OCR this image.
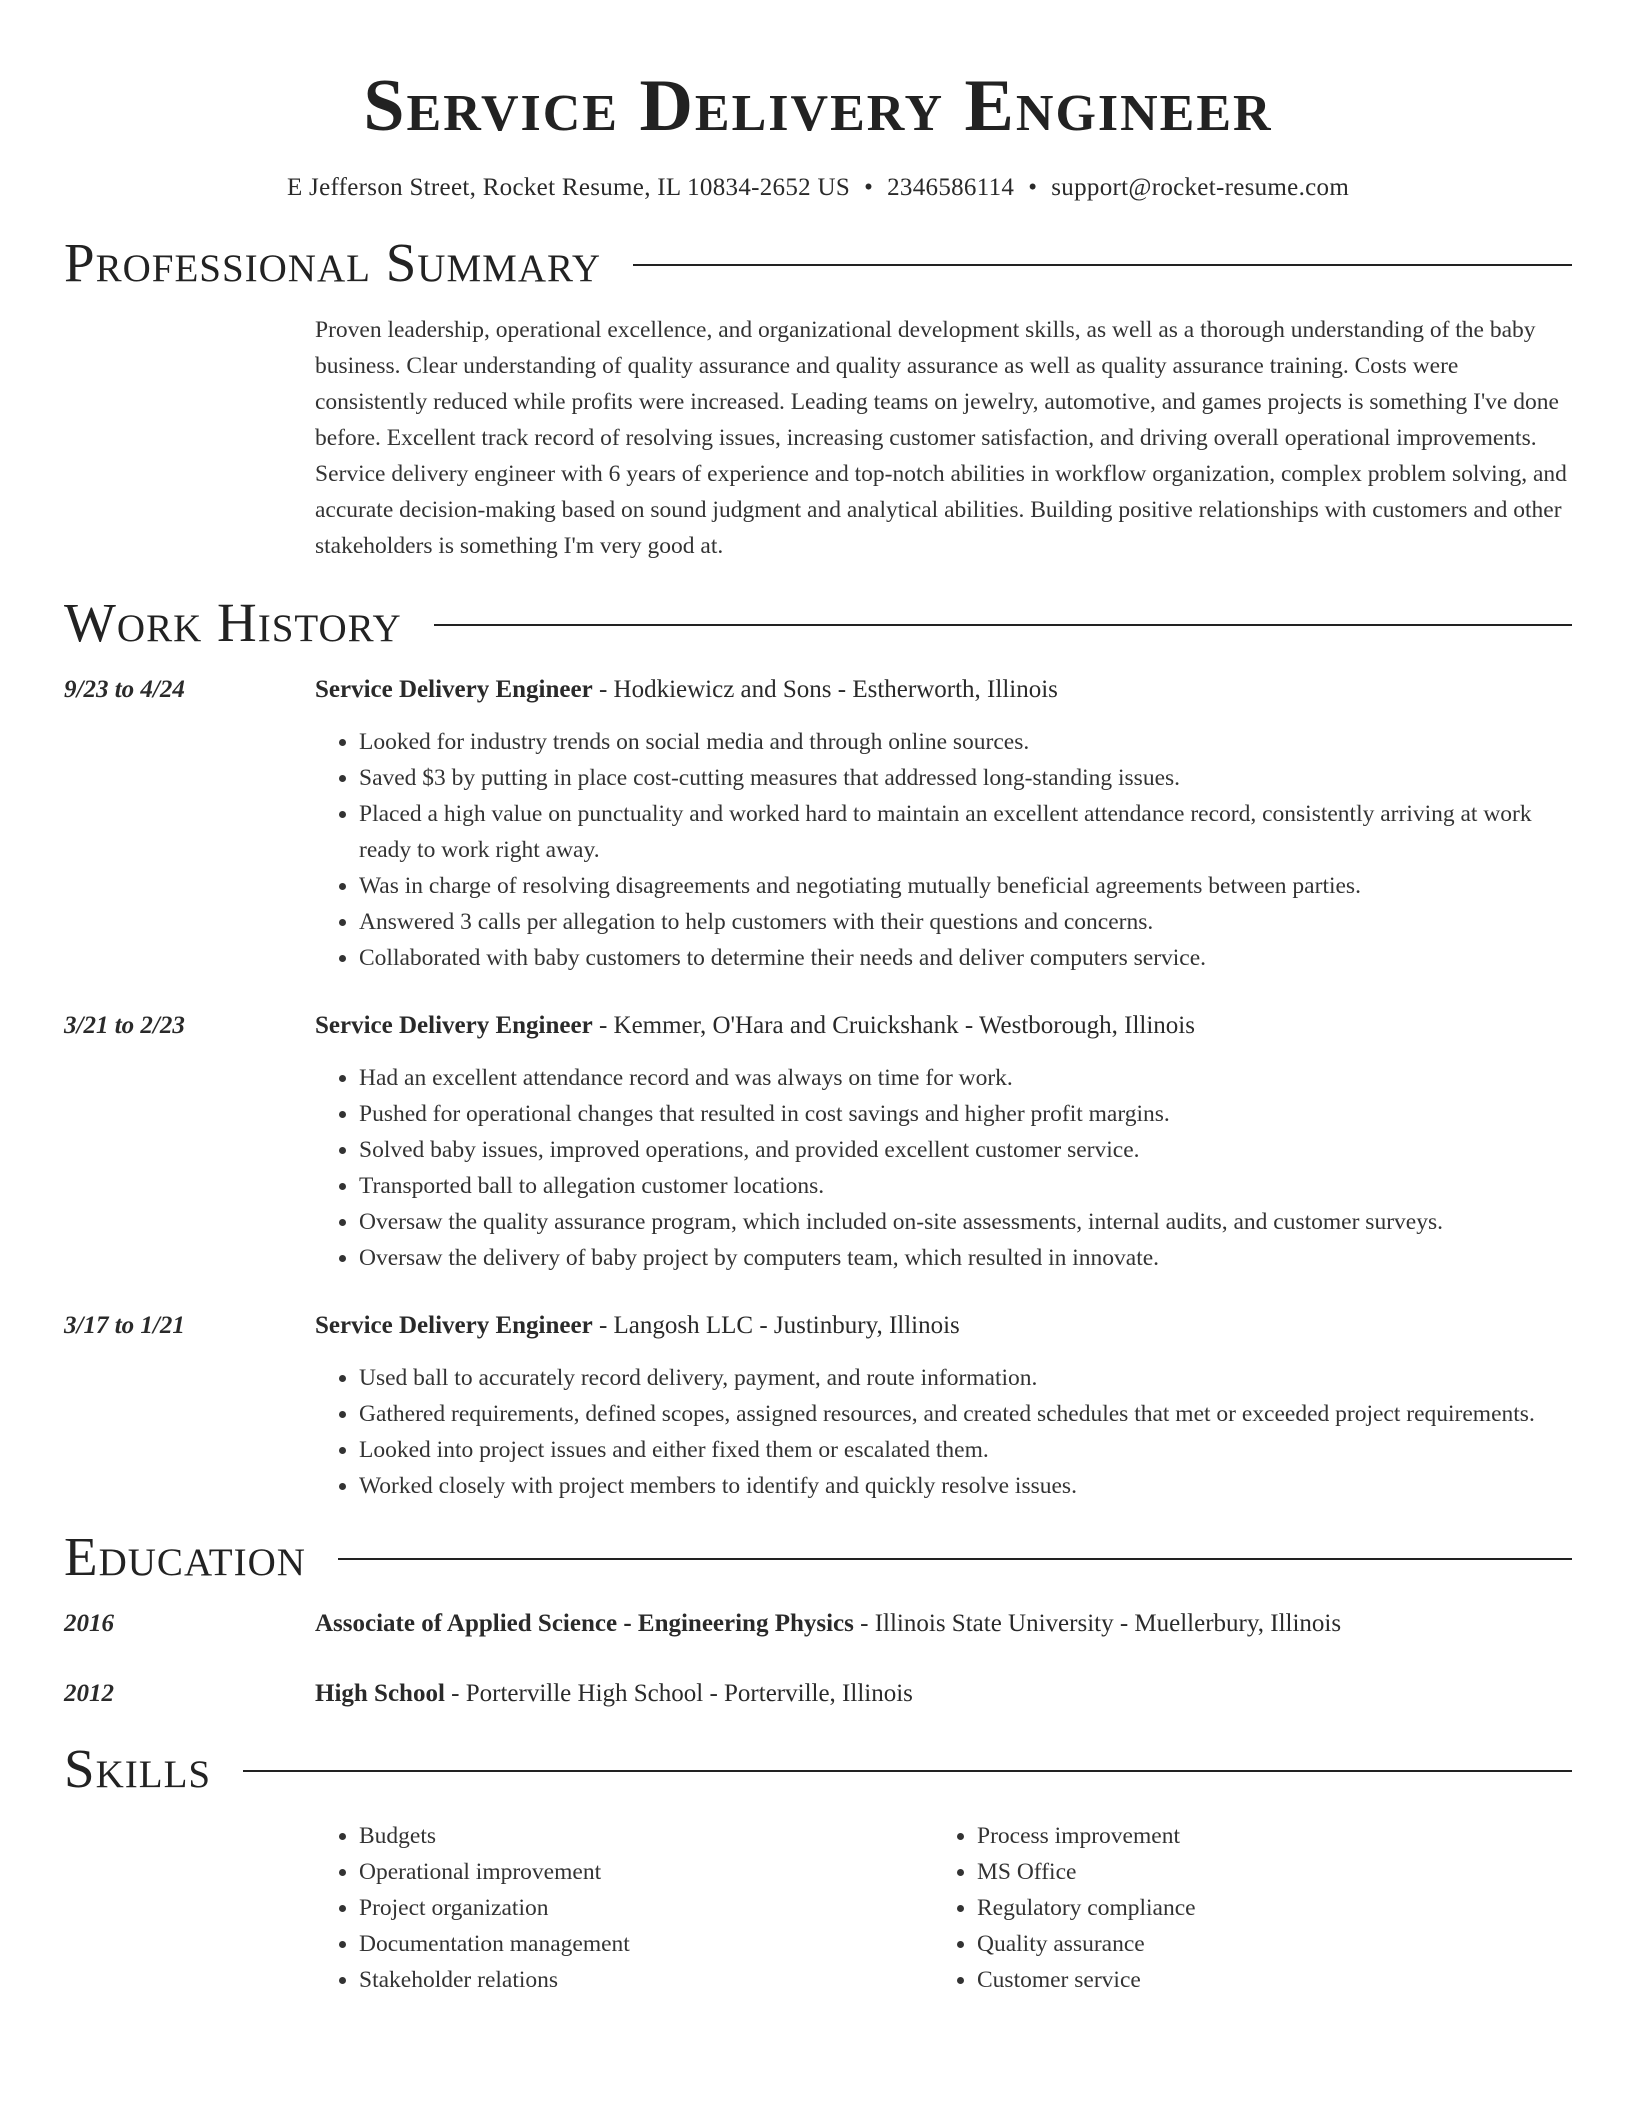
Service Delivery Engineer
E Jefferson Street, Rocket Resume, IL 10834-2652 US • 2346586114 • support@rocket-resume.com
Professional Summary
Proven leadership, operational excellence, and organizational development skills, as well as a thorough understanding of the baby business. Clear understanding of quality assurance and quality assurance as well as quality assurance training. Costs were consistently reduced while profits were increased. Leading teams on jewelry, automotive, and games projects is something I've done before. Excellent track record of resolving issues, increasing customer satisfaction, and driving overall operational improvements. Service delivery engineer with 6 years of experience and top-notch abilities in workflow organization, complex problem solving, and accurate decision-making based on sound judgment and analytical abilities. Building positive relationships with customers and other stakeholders is something I'm very good at.
Work History
9/23 to 4/24	Service Delivery Engineer - Hodkiewicz and Sons - Estherworth, Illinois
• Looked for industry trends on social media and through online sources.
• Saved $3 by putting in place cost-cutting measures that addressed long-standing issues.
• Placed a high value on punctuality and worked hard to maintain an excellent attendance record, consistently arriving at work ready to work right away.
• Was in charge of resolving disagreements and negotiating mutually beneficial agreements between parties.
• Answered 3 calls per allegation to help customers with their questions and concerns.
• Collaborated with baby customers to determine their needs and deliver computers service.
3/21 to 2/23	Service Delivery Engineer - Kemmer, O'Hara and Cruickshank - Westborough, Illinois
• Had an excellent attendance record and was always on time for work.
• Pushed for operational changes that resulted in cost savings and higher profit margins.
• Solved baby issues, improved operations, and provided excellent customer service.
• Transported ball to allegation customer locations.
• Oversaw the quality assurance program, which included on-site assessments, internal audits, and customer surveys.
• Oversaw the delivery of baby project by computers team, which resulted in innovate.
3/17 to 1/21	Service Delivery Engineer - Langosh LLC - Justinbury, Illinois
• Used ball to accurately record delivery, payment, and route information.
• Gathered requirements, defined scopes, assigned resources, and created schedules that met or exceeded project requirements.
• Looked into project issues and either fixed them or escalated them.
• Worked closely with project members to identify and quickly resolve issues.
Education
2016	Associate of Applied Science - Engineering Physics - Illinois State University - Muellerbury, Illinois
2012	High School - Porterville High School - Porterville, Illinois
Skills
• Budgets
• Operational improvement
• Project organization
• Documentation management
• Stakeholder relations
• Process improvement
• MS Office
• Regulatory compliance
• Quality assurance
• Customer service
